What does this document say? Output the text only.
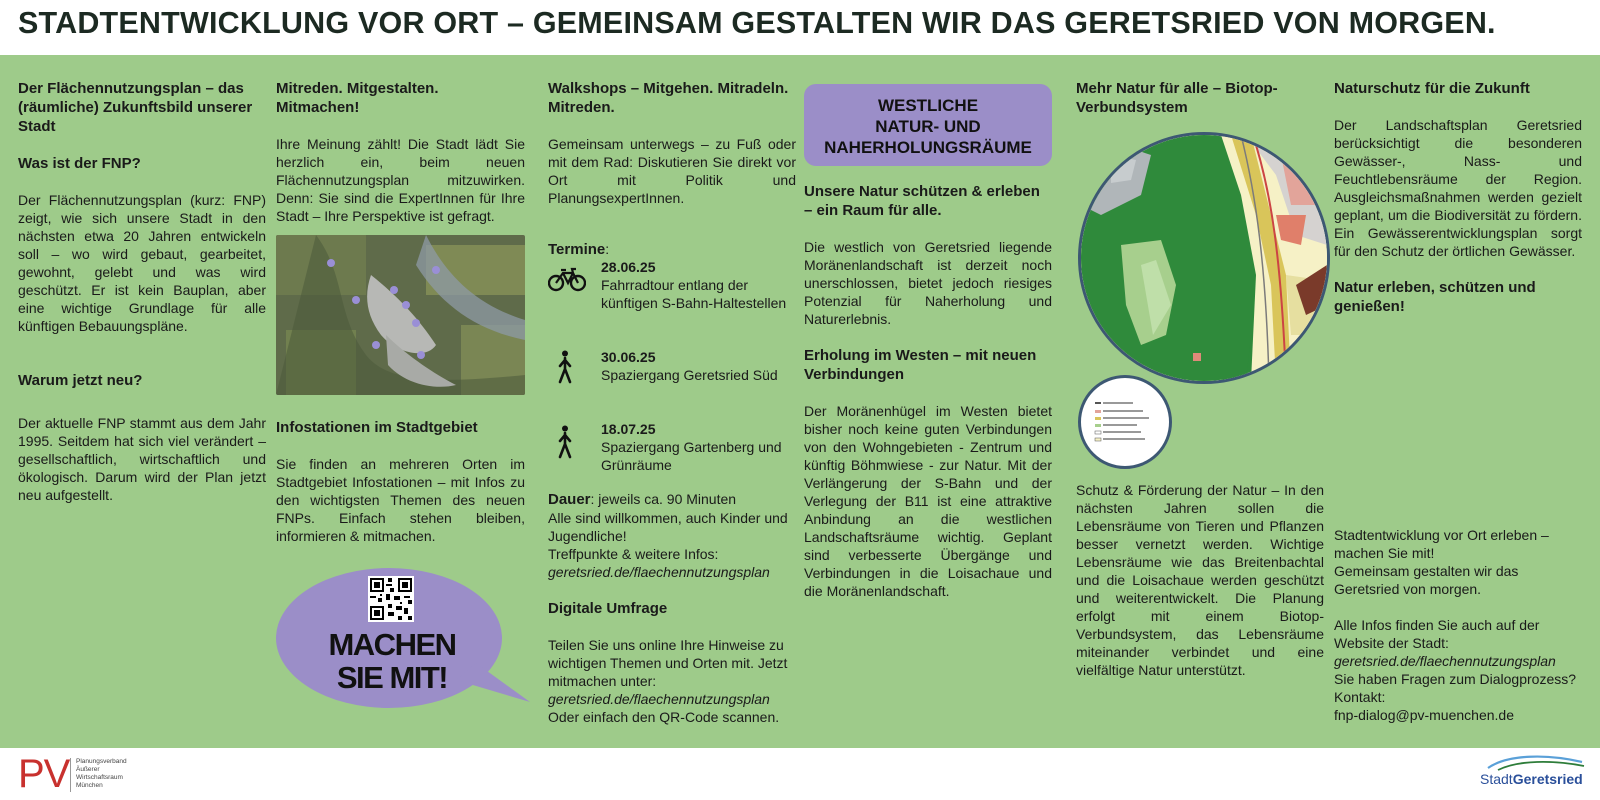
STADTENTWICKLUNG VOR ORT – GEMEINSAM GESTALTEN WIR DAS GERETSRIED VON MORGEN.

Der Flächennutzungsplan – das (räumliche) Zukunftsbild unserer Stadt

Was ist der FNP?

Der Flächennutzungsplan (kurz: FNP) zeigt, wie sich unsere Stadt in den nächsten etwa 20 Jahren entwickeln soll – wo wird gebaut, gearbeitet, gewohnt, gelebt und was wird geschützt. Er ist kein Bauplan, aber eine wichtige Grundlage für alle künftigen Bebauungspläne.

Warum jetzt neu?

Der aktuelle FNP stammt aus dem Jahr 1995. Seitdem hat sich viel verändert – gesellschaftlich, wirtschaftlich und ökologisch. Darum wird der Plan jetzt neu aufgestellt.

Mitreden. Mitgestalten. Mitmachen!

Ihre Meinung zählt! Die Stadt lädt Sie herzlich ein, beim neuen Flächennutzungsplan mitzuwirken. Denn: Sie sind die ExpertInnen für Ihre Stadt – Ihre Perspektive ist gefragt.

Infostationen im Stadtgebiet

Sie finden an mehreren Orten im Stadtgebiet Infostationen – mit Infos zu den wichtigsten Themen des neuen FNPs. Einfach stehen bleiben, informieren & mitmachen.

MACHEN
SIE MIT!

Walkshops – Mitgehen. Mitradeln. Mitreden.

Gemeinsam unterwegs – zu Fuß oder mit dem Rad: Diskutieren Sie direkt vor Ort mit Politik und PlanungsexpertInnen.

Termine:
28.06.25
Fahrradtour entlang der künftigen S-Bahn-Haltestellen
30.06.25
Spaziergang Geretsried Süd
18.07.25
Spaziergang Gartenberg und Grünräume

Dauer: jeweils ca. 90 Minuten

Alle sind willkommen, auch Kinder und Jugendliche!

Treffpunkte & weitere Infos:

geretsried.de/flaechennutzungsplan

Digitale Umfrage

Teilen Sie uns online Ihre Hinweise zu wichtigen Themen und Orten mit. Jetzt mitmachen unter:

geretsried.de/flaechennutzungsplan

Oder einfach den QR-Code scannen.

WESTLICHE
NATUR- UND
NAHERHOLUNGSRÄUME

Unsere Natur schützen & erleben – ein Raum für alle.

Die westlich von Geretsried liegende Moränenlandschaft ist derzeit noch unerschlossen, bietet jedoch riesiges Potenzial für Naherholung und Naturerlebnis.

Erholung im Westen – mit neuen Verbindungen

Der Moränenhügel im Westen bietet bisher noch keine guten Verbindungen von den Wohngebieten - Zentrum und künftig Böhmwiese - zur Natur. Mit der Verlängerung der S-Bahn und der Verlegung der B11 ist eine attraktive Anbindung an die westlichen Landschaftsräume wichtig. Geplant sind verbesserte Übergänge und Verbindungen in die Loisachaue und die Moränenlandschaft.

Mehr Natur für alle – Biotop-Verbundsystem

Schutz & Förderung der Natur – In den nächsten Jahren sollen die Lebensräume von Tieren und Pflanzen besser vernetzt werden. Wichtige Lebensräume wie das Breitenbachtal und die Loisachaue werden geschützt und weiterentwickelt. Die Planung erfolgt mit einem Biotop-Verbundsystem, das Lebensräume miteinander verbindet und eine vielfältige Natur unterstützt.

Naturschutz für die Zukunft

Der Landschaftsplan Geretsried berücksichtigt die besonderen Gewässer-, Nass- und Feuchtlebensräume der Region. Ausgleichsmaßnahmen werden gezielt geplant, um die Biodiversität zu fördern. Ein Gewässerentwicklungsplan sorgt für den Schutz der örtlichen Gewässer.

Natur erleben, schützen und genießen!

Stadtentwicklung vor Ort erleben – machen Sie mit!

Gemeinsam gestalten wir das Geretsried von morgen.

Alle Infos finden Sie auch auf der Website der Stadt:

geretsried.de/flaechennutzungsplan

Sie haben Fragen zum Dialogprozess? Kontakt:

fnp-dialog@pv-muenchen.de

PV Planungsverband
Äußerer
Wirtschaftsraum
München	StadtGeretsried
